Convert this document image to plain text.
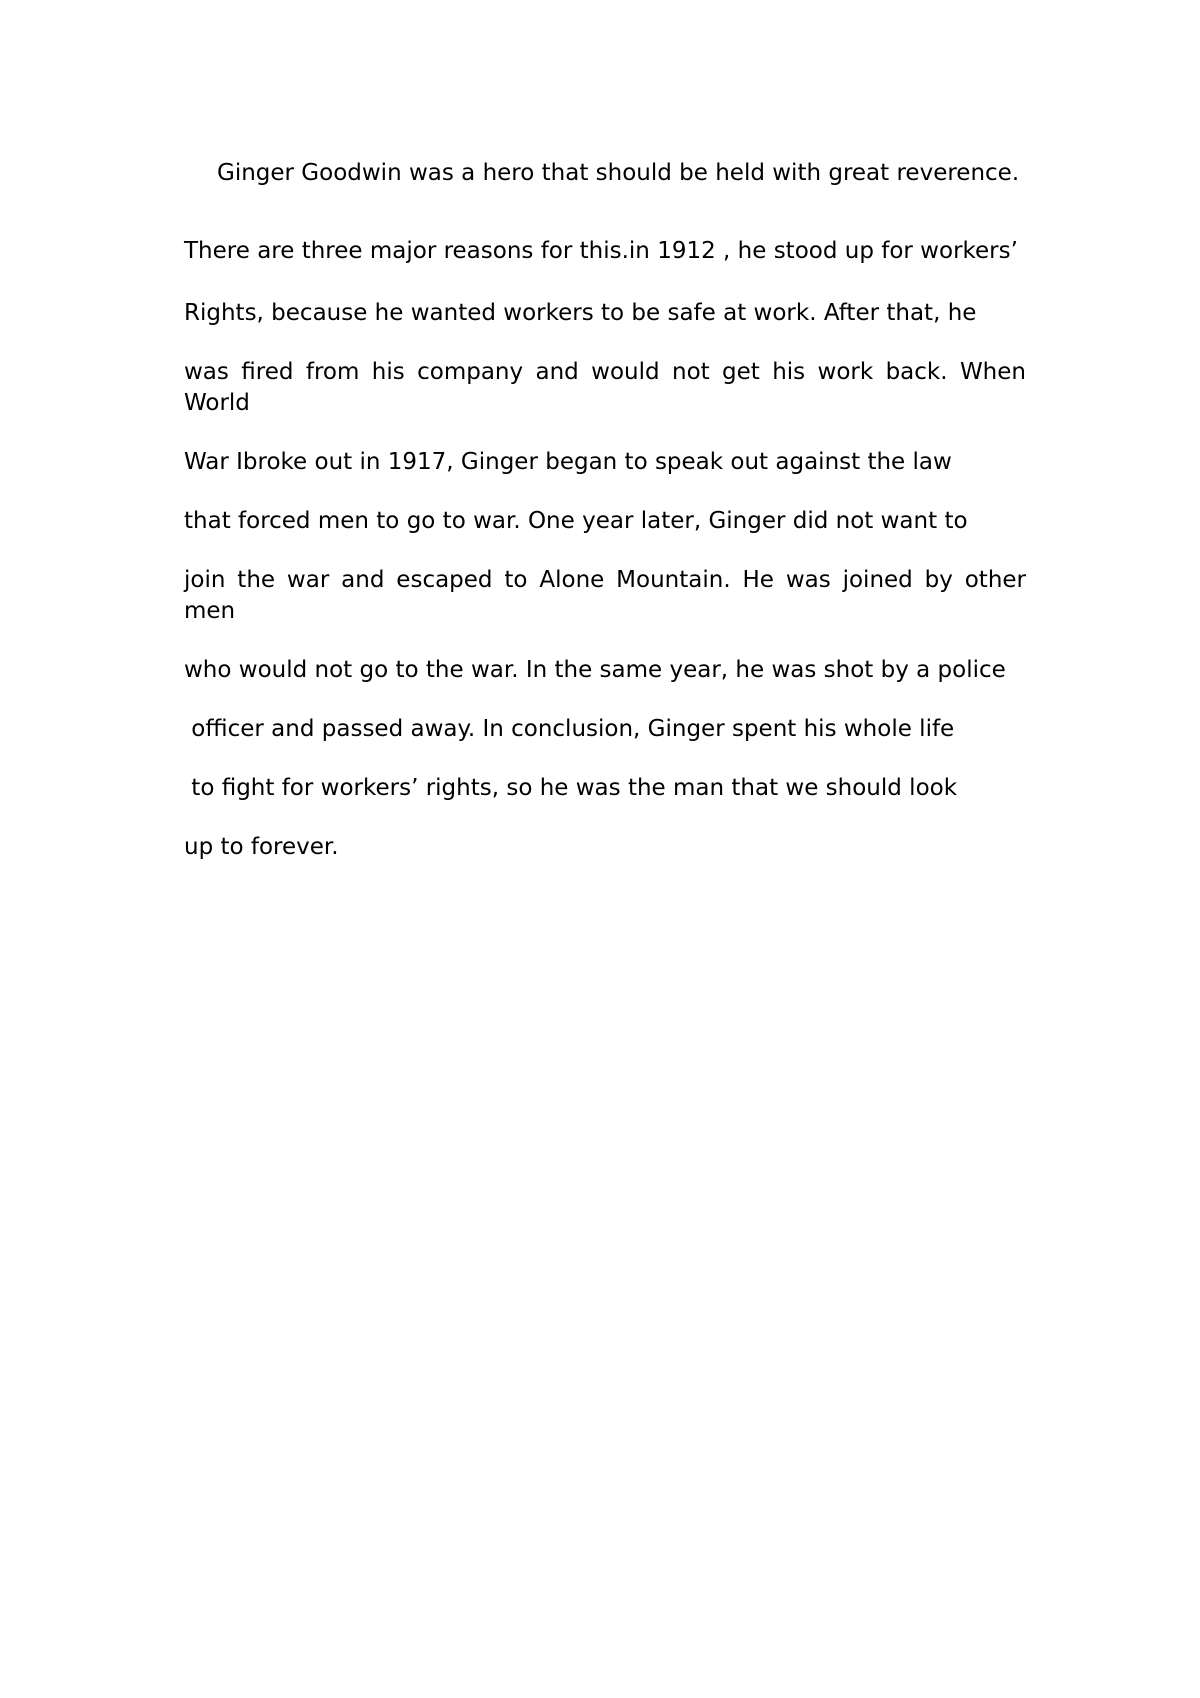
Ginger Goodwin was a hero that should be held with great reverence.

There are three major reasons for this.in 1912 , he stood up for workers’

Rights, because he wanted workers to be safe at work. After that, he

was fired from his company and would not get his work back. When World

War Ibroke out in 1917, Ginger began to speak out against the law

that forced men to go to war. One year later, Ginger did not want to

join the war and escaped to Alone Mountain. He was joined by other men

who would not go to the war. In the same year, he was shot by a police

officer and passed away. In conclusion, Ginger spent his whole life

to fight for workers’ rights, so he was the man that we should look

up to forever.
